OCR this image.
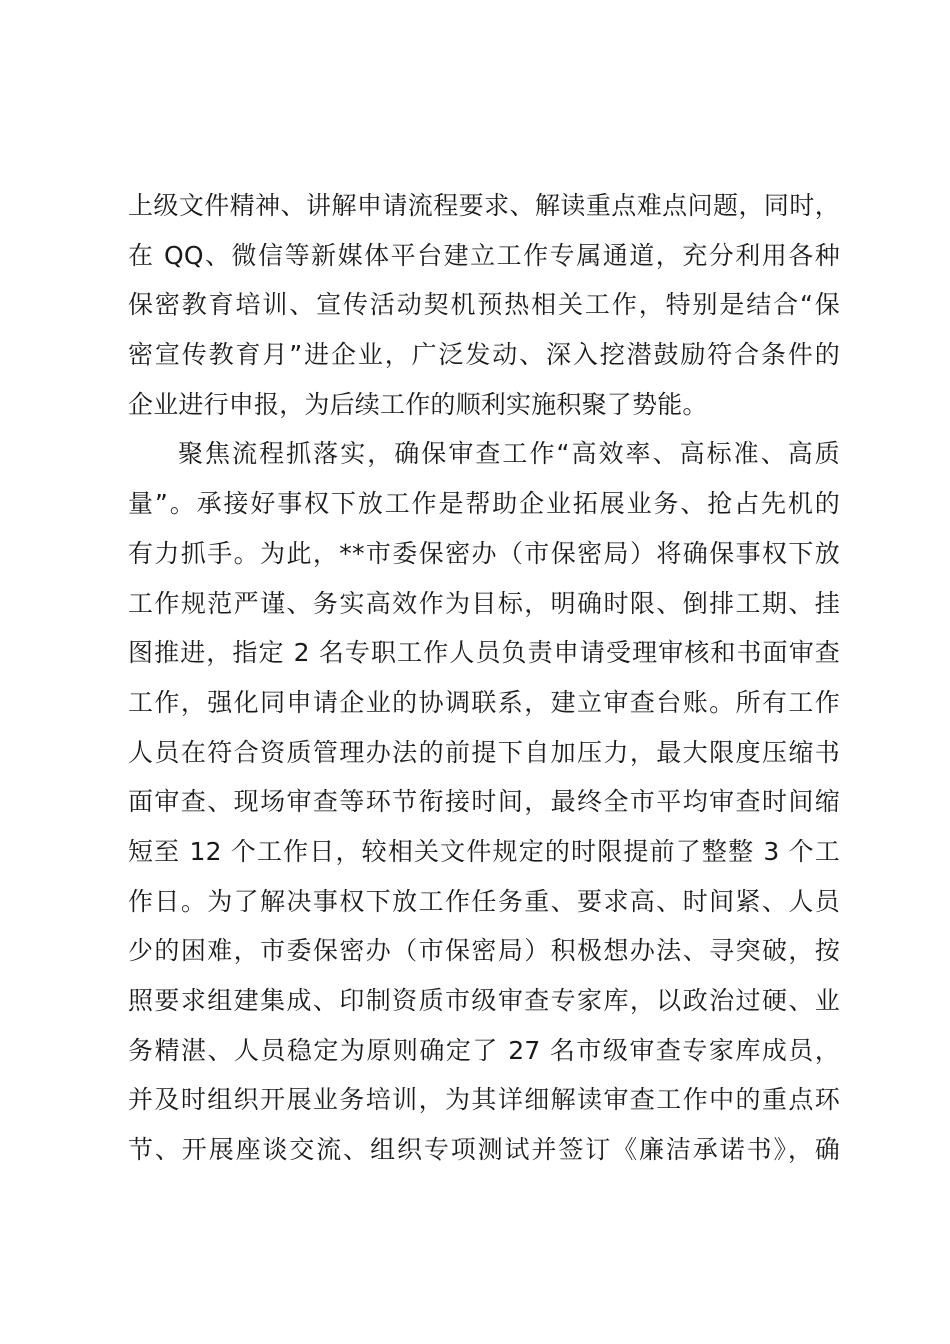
上级文件精神、讲解申请流程要求、解读重点难点问题，同时，
在 QQ、微信等新媒体平台建立工作专属通道，充分利用各种
保密教育培训、宣传活动契机预热相关工作，特别是结合“保
密宣传教育月”进企业，广泛发动、深入挖潜鼓励符合条件的
企业进行申报，为后续工作的顺利实施积聚了势能。
聚焦流程抓落实，确保审查工作“高效率、高标准、高质
量”。承接好事权下放工作是帮助企业拓展业务、抢占先机的
有力抓手。为此，**市委保密办（市保密局）将确保事权下放
工作规范严谨、务实高效作为目标，明确时限、倒排工期、挂
图推进，指定 2 名专职工作人员负责申请受理审核和书面审查
工作，强化同申请企业的协调联系，建立审查台账。所有工作
人员在符合资质管理办法的前提下自加压力，最大限度压缩书
面审查、现场审查等环节衔接时间，最终全市平均审查时间缩
短至 12 个工作日，较相关文件规定的时限提前了整整 3 个工
作日。为了解决事权下放工作任务重、要求高、时间紧、人员
少的困难，市委保密办（市保密局）积极想办法、寻突破，按
照要求组建集成、印制资质市级审查专家库，以政治过硬、业
务精湛、人员稳定为原则确定了 27 名市级审查专家库成员，
并及时组织开展业务培训，为其详细解读审查工作中的重点环
节、开展座谈交流、组织专项测试并签订《廉洁承诺书》，确
